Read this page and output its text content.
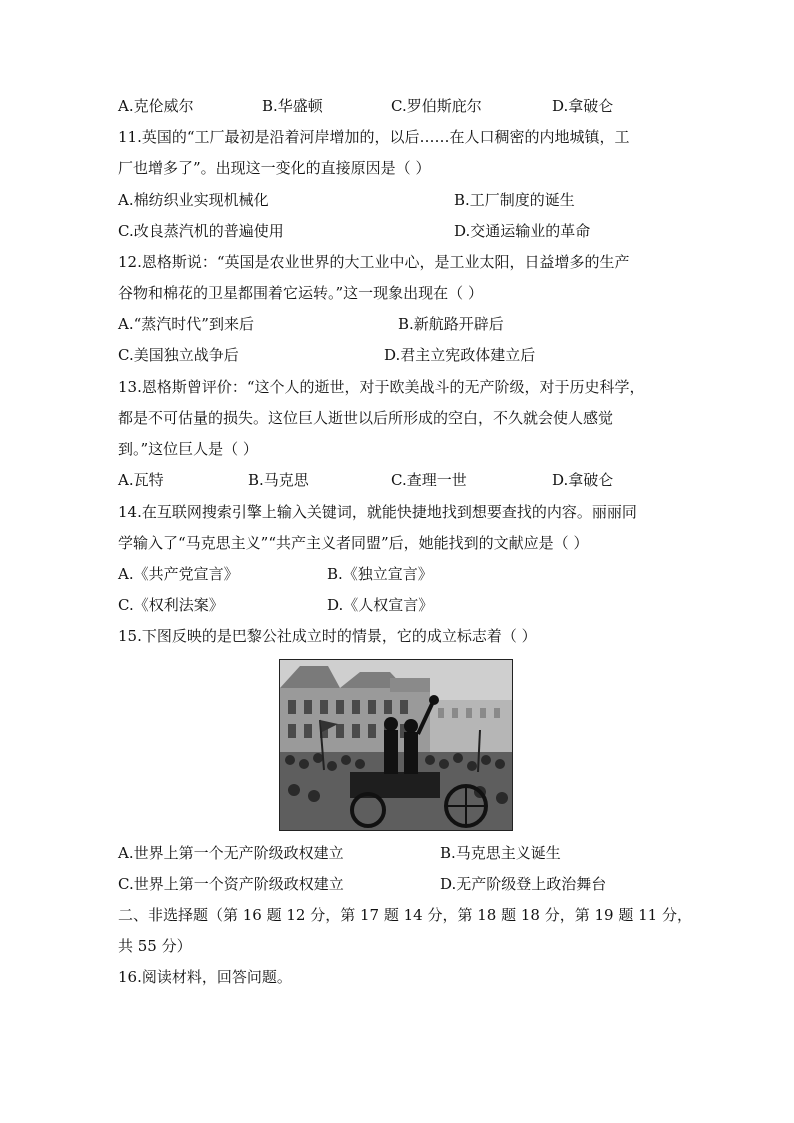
A.克伦威尔	B.华盛顿	C.罗伯斯庇尔	D.拿破仑
11.英国的“工厂最初是沿着河岸增加的，以后……在人口稠密的内地城镇，工
厂也增多了”。出现这一变化的直接原因是（ ）
A.棉纺织业实现机械化	B.工厂制度的诞生
C.改良蒸汽机的普遍使用	D.交通运输业的革命
12.恩格斯说：“英国是农业世界的大工业中心，是工业太阳，日益增多的生产
谷物和棉花的卫星都围着它运转。”这一现象出现在（ ）
A.“蒸汽时代”到来后	B.新航路开辟后
C.美国独立战争后	D.君主立宪政体建立后
13.恩格斯曾评价：“这个人的逝世，对于欧美战斗的无产阶级，对于历史科学，
都是不可估量的损失。这位巨人逝世以后所形成的空白，不久就会使人感觉
到。”这位巨人是（ ）
A.瓦特	B.马克思	C.查理一世	D.拿破仑
14.在互联网搜索引擎上输入关键词，就能快捷地找到想要查找的内容。丽丽同
学输入了“马克思主义”“共产主义者同盟”后，她能找到的文献应是（ ）
A.《共产党宣言》	B.《独立宣言》
C.《权利法案》	D.《人权宣言》
15.下图反映的是巴黎公社成立时的情景，它的成立标志着（ ）
A.世界上第一个无产阶级政权建立	B.马克思主义诞生
C.世界上第一个资产阶级政权建立	D.无产阶级登上政治舞台
二、非选择题（第 16 题 12 分，第 17 题 14 分，第 18 题 18 分，第 19 题 11 分，
共 55 分）
16.阅读材料，回答问题。
